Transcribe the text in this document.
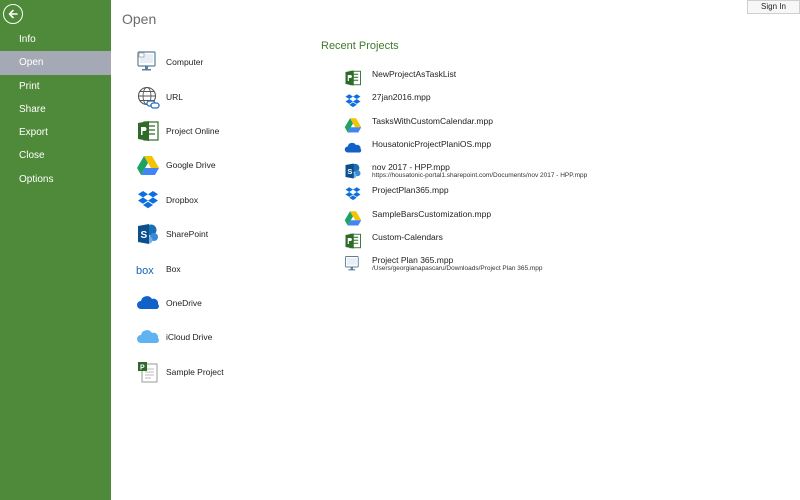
Info
Open
Print
Share
Export
Close
Options
Open
Sign In
Computer
URL
Project Online
Google Drive
Dropbox
S SharePoint
box Box
OneDrive
iCloud Drive
P	Sample Project
Recent Projects
NewProjectAsTaskList
27jan2016.mpp
TasksWithCustomCalendar.mpp
HousatonicProjectPlaniOS.mpp
S nov 2017 - HPP.mpp
https://housatonic-portal1.sharepoint.com/Documents/nov 2017 - HPP.mpp
ProjectPlan365.mpp
SampleBarsCustomization.mpp
Custom-Calendars
Project Plan 365.mpp
/Users/georgianapascaru/Downloads/Project Plan 365.mpp
